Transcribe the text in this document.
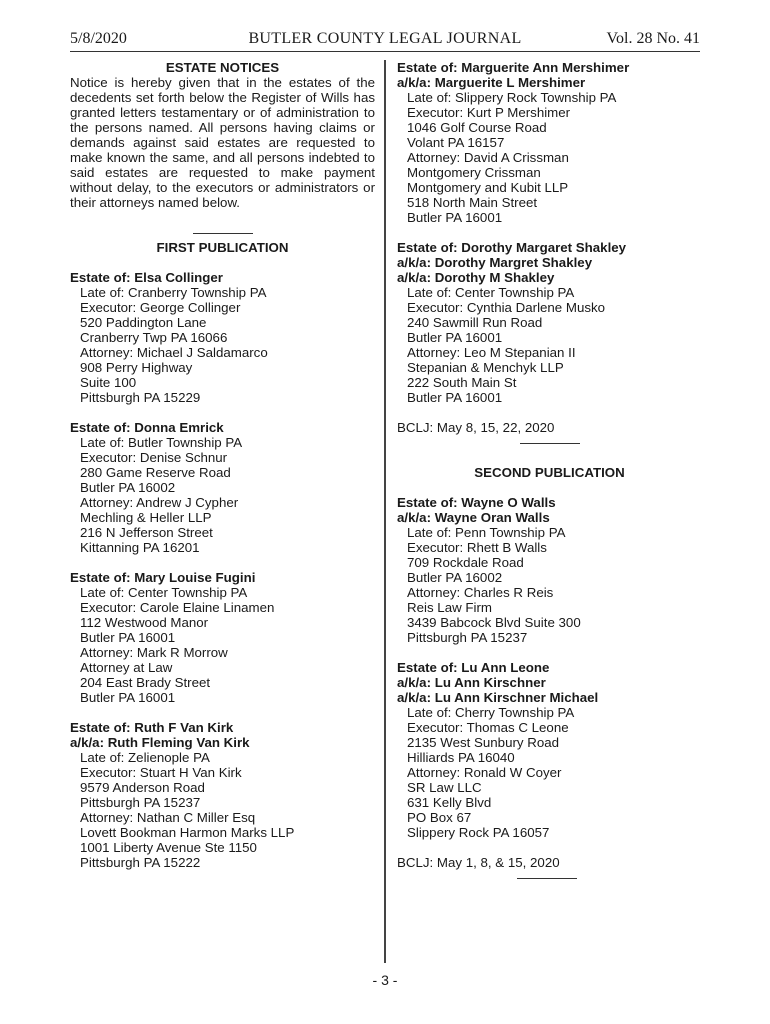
5/8/2020	BUTLER COUNTY LEGAL JOURNAL	Vol. 28 No. 41
ESTATE NOTICES
Notice is hereby given that in the estates of the decedents set forth below the Register of Wills has granted letters testamentary or of administration to the persons named. All persons having claims or demands against said estates are requested to make known the same, and all persons indebted to said estates are requested to make payment without delay, to the executors or administrators or their attorneys named below.
FIRST PUBLICATION
Estate of: Elsa Collinger
Late of: Cranberry Township PA
Executor: George Collinger
520 Paddington Lane
Cranberry Twp PA 16066
Attorney: Michael J Saldamarco
908 Perry Highway
Suite 100
Pittsburgh PA 15229
Estate of: Donna Emrick
Late of: Butler Township PA
Executor: Denise Schnur
280 Game Reserve Road
Butler PA 16002
Attorney: Andrew J Cypher
Mechling & Heller LLP
216 N Jefferson Street
Kittanning PA 16201
Estate of: Mary Louise Fugini
Late of: Center Township PA
Executor: Carole Elaine Linamen
112 Westwood Manor
Butler PA 16001
Attorney: Mark R Morrow
Attorney at Law
204 East Brady Street
Butler PA 16001
Estate of: Ruth F Van Kirk
a/k/a: Ruth Fleming Van Kirk
Late of: Zelienople PA
Executor: Stuart H Van Kirk
9579 Anderson Road
Pittsburgh PA 15237
Attorney: Nathan C Miller Esq
Lovett Bookman Harmon Marks LLP
1001 Liberty Avenue Ste 1150
Pittsburgh PA 15222
Estate of: Marguerite Ann Mershimer
a/k/a: Marguerite L Mershimer
Late of: Slippery Rock Township PA
Executor: Kurt P Mershimer
1046 Golf Course Road
Volant PA 16157
Attorney: David A Crissman
Montgomery Crissman
Montgomery and Kubit LLP
518 North Main Street
Butler PA 16001
Estate of: Dorothy Margaret Shakley
a/k/a: Dorothy Margret Shakley
a/k/a: Dorothy M Shakley
Late of: Center Township PA
Executor: Cynthia Darlene Musko
240 Sawmill Run Road
Butler PA 16001
Attorney: Leo M Stepanian II
Stepanian & Menchyk LLP
222 South Main St
Butler PA 16001
BCLJ: May 8, 15, 22, 2020
SECOND PUBLICATION
Estate of: Wayne O Walls
a/k/a: Wayne Oran Walls
Late of: Penn Township PA
Executor: Rhett B Walls
709 Rockdale Road
Butler PA 16002
Attorney: Charles R Reis
Reis Law Firm
3439 Babcock Blvd Suite 300
Pittsburgh PA 15237
Estate of: Lu Ann Leone
a/k/a: Lu Ann Kirschner
a/k/a: Lu Ann Kirschner Michael
Late of: Cherry Township PA
Executor: Thomas C Leone
2135 West Sunbury Road
Hilliards PA 16040
Attorney: Ronald W Coyer
SR Law LLC
631 Kelly Blvd
PO Box 67
Slippery Rock PA 16057
BCLJ: May 1, 8, & 15, 2020
- 3 -
